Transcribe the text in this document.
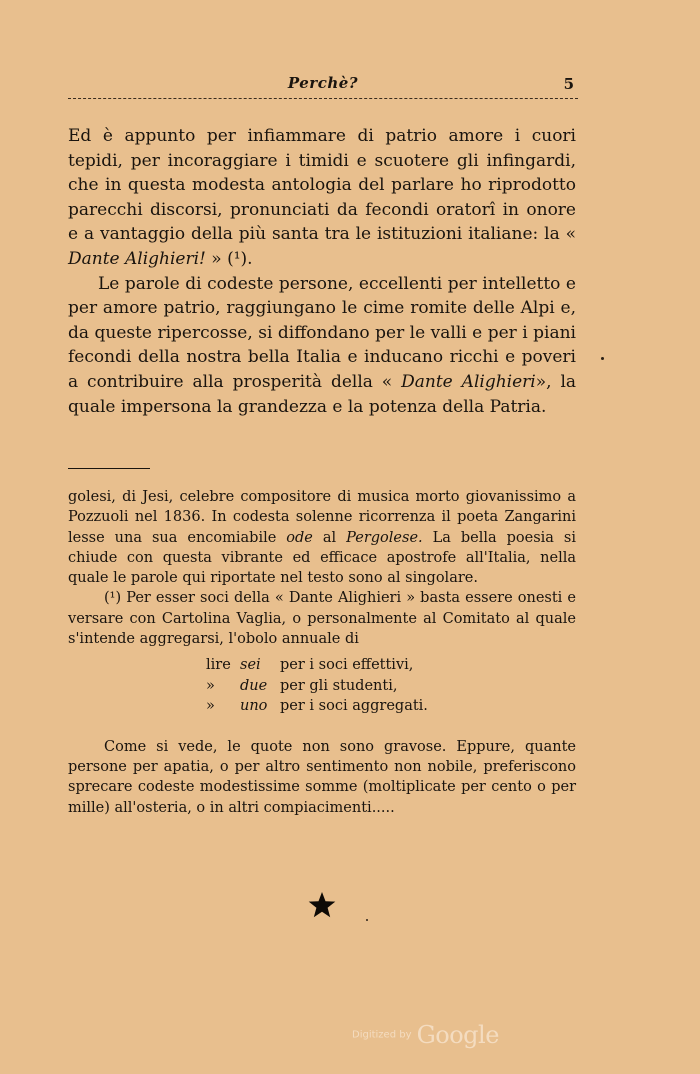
Perchè?	5

Ed è appunto per infiammare di patrio amore i cuori tepidi, per incoraggiare i timidi e scuotere gli infingardi, che in questa modesta antologia del parlare ho riprodotto parecchi discorsi, pronunciati da fecondi oratorî in onore e a vantaggio della più santa tra le istituzioni italiane: la « Dante Alighieri! » (¹).

Le parole di codeste persone, eccellenti per intelletto e per amore patrio, raggiungano le cime romite delle Alpi e, da queste ripercosse, si diffondano per le valli e per i piani fecondi della nostra bella Italia e inducano ricchi e poveri a contribuire alla prosperità della « Dante Alighieri», la quale impersona la grandezza e la potenza della Patria.

golesi, di Jesi, celebre compositore di musica morto giovanissimo a Pozzuoli nel 1836. In codesta solenne ricorrenza il poeta Zangarini lesse una sua encomiabile ode al Pergolese. La bella poesia si chiude con questa vibrante ed efficace apostrofe all'Italia, nella quale le parole qui riportate nel testo sono al singolare.

(¹) Per esser soci della « Dante Alighieri » basta essere onesti e versare con Cartolina Vaglia, o personalmente al Comitato al quale s'intende aggregarsi, l'obolo annuale di

lire sei per i soci effettivi,
» due per gli studenti,
» uno per i soci aggregati.

Come si vede, le quote non sono gravose. Eppure, quante persone per apatia, o per altro sentimento non nobile, preferiscono sprecare codeste modestissime somme (moltiplicate per cento o per mille) all'osteria, o in altri compiacimenti.....

Digitized by Google
